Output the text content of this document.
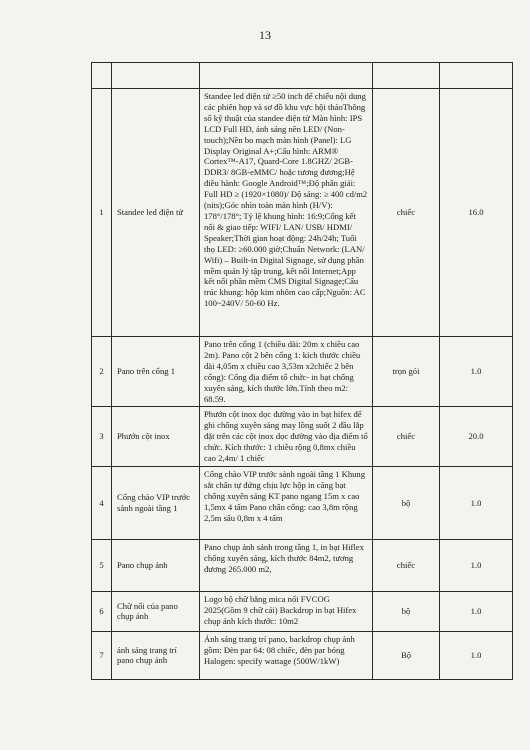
13

1	Standee led điện tử	Standee led điện tử ≥50 inch để chiếu nội dung các phiên họp và sơ đồ khu vực hội thảoThông số kỹ thuật của standee điện tử Màn hình: IPS LCD Full HD, ánh sáng nền LED/ (Non-touch);Nền bo mạch màn hình (Panel): LG Display Original A+;Cấu hình: ARM® Cortex™-A17, Quard-Core 1.8GHZ/ 2GB-DDR3/ 8GB-eMMC/ hoặc tương đương;Hệ điều hành: Google Android™;Độ phân giải: Full HD ≥ (1920×1080)/ Độ sáng: ≥ 400 cd/m2 (nits);Góc nhìn toàn màn hình (H/V): 178°/178°; Tỷ lệ khung hình: 16:9;Cổng kết nối & giao tiếp: WIFI/ LAN/ USB/ HDMI/ Speaker;Thời gian hoạt động: 24h/24h; Tuổi thọ LED: ≥60.000 giờ;Chuẩn Network: (LAN/ Wifi) – Built-in Digital Signage, sử dụng phần mềm quản lý tập trung, kết nối Internet;App kết nối phần mềm CMS Digital Signage;Cấu trúc khung: hộp kim nhôm cao cấp;Nguồn: AC 100~240V/ 50-60 Hz.	chiếc	16.0
2	Pano trên cổng 1	Pano trên cổng 1 (chiều dài: 20m x chiều cao 2m). Pano cột 2 bên cổng 1: kích thước chiều dài 4,05m x chiều cao 3,53m x2chiếc 2 bên cổng): Cổng địa điểm tổ chức- in bạt chống xuyên sáng, kích thước lớn.Tính theo m2: 68.59.	trọn gói	1.0
3	Phướn cột inox	Phướn cột inox dọc đường vào in bạt hifex để ghi chống xuyên sáng may lồng suốt 2 đầu lắp đặt trên các cột inox dọc đường vào địa điểm tổ chức. Kích thước: 1 chiều rộng 0,8mx chiều cao 2,4m/ 1 chiếc	chiếc	20.0
4	Cổng chào VIP trước sảnh ngoài tầng 1	Cổng chào VIP trước sảnh ngoài tầng 1 Khung sắt chân tự đứng chịu lực hộp in căng bạt chống xuyên sáng KT pano ngang 15m x cao 1,5mx 4 tấm Pano chân cổng: cao 3,8m rộng 2,5m sâu 0,8m x 4 tấm	bộ	1.0
5	Pano chụp ảnh	Pano chụp ảnh sảnh trong tầng 1, in bạt Hiflex chống xuyên sáng, kích thước 84m2, tương đương 265.000 m2,	chiếc	1.0
6	Chữ nổi của pano chụp ảnh	Logo bộ chữ bằng mica nổi FVCOG 2025(Gồm 9 chữ cái) Backdrop in bạt Hifex chụp ảnh kích thước: 10m2	bộ	1.0
7	ánh sáng trang trí pano chụp ảnh	Ánh sáng trang trí pano, backdrop chụp ảnh gồm: Đèn par 64: 08 chiếc, đèn par bóng Halogen: specify wattage (500W/1kW)	Bộ	1.0
